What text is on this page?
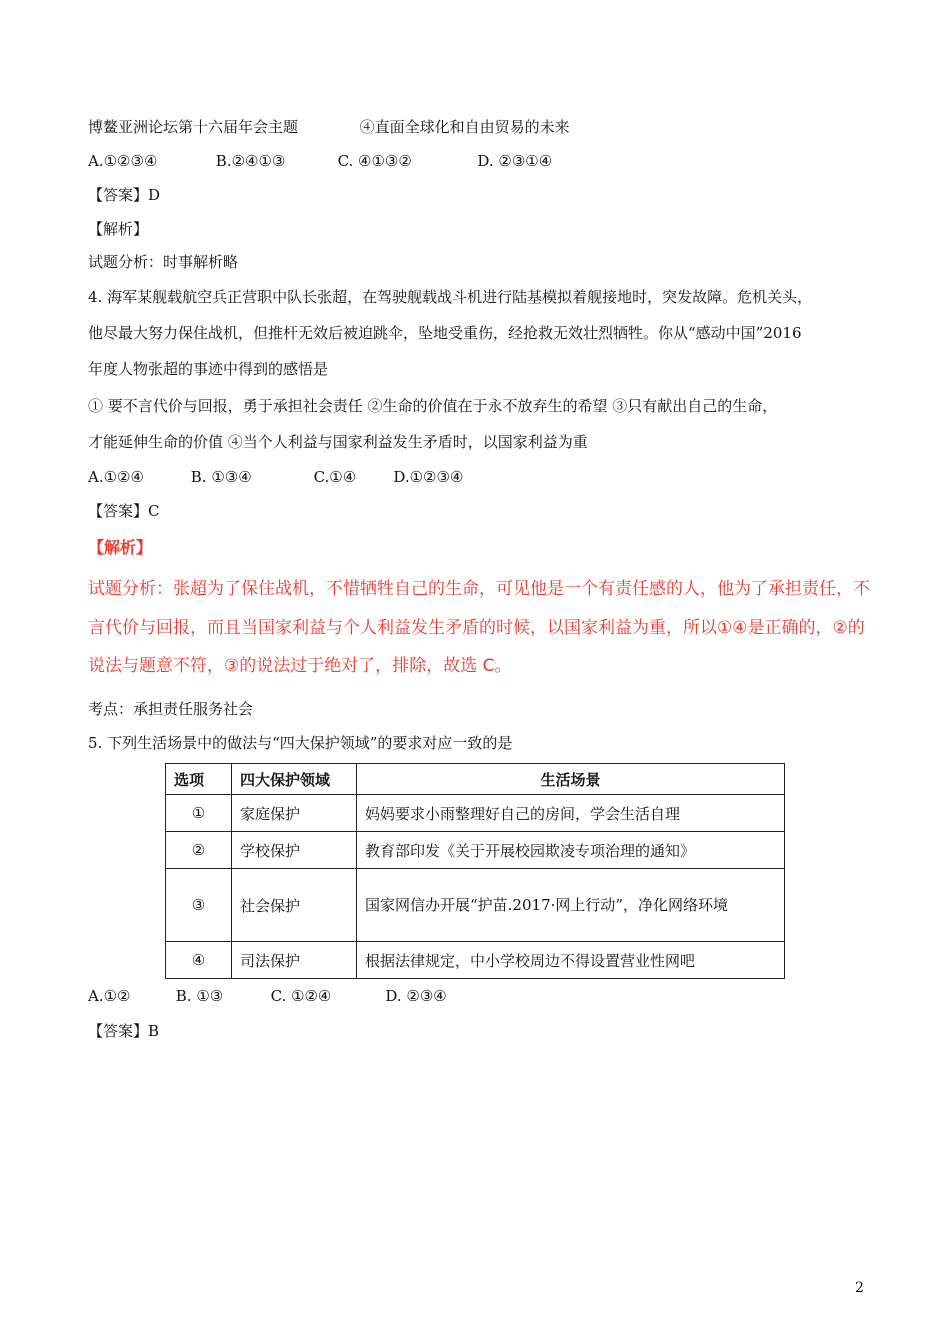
博鳌亚洲论坛第十六届年会主题	④直面全球化和自由贸易的未来
A.①②③④	B.②④①③	C. ④①③②	D. ②③①④
【答案】D
【解析】
试题分析：时事解析略
4. 海军某舰载航空兵正营职中队长张超，在驾驶舰载战斗机进行陆基模拟着舰接地时，突发故障。危机关头，
他尽最大努力保住战机，但推杆无效后被迫跳伞，坠地受重伤，经抢救无效壮烈牺牲。你从“感动中国”2016
年度人物张超的事迹中得到的感悟是
① 要不言代价与回报，勇于承担社会责任 ②生命的价值在于永不放弃生的希望 ③只有献出自己的生命，
才能延伸生命的价值 ④当个人利益与国家利益发生矛盾时，以国家利益为重
A.①②④	B. ①③④	C.①④ D.①②③④
【答案】C
【解析】
试题分析：张超为了保住战机，不惜牺牲自己的生命，可见他是一个有责任感的人，他为了承担责任，不
言代价与回报，而且当国家利益与个人利益发生矛盾的时候，以国家利益为重，所以①④是正确的，②的
说法与题意不符，③的说法过于绝对了，排除，故选 C。
考点：承担责任服务社会
5. 下列生活场景中的做法与“四大保护领域”的要求对应一致的是
选项	四大保护领域	生活场景
①	家庭保护	妈妈要求小雨整理好自己的房间，学会生活自理
②	学校保护	教育部印发《关于开展校园欺凌专项治理的通知》
③	社会保护	国家网信办开展“护苗.2017·网上行动”，净化网络环境
④	司法保护	根据法律规定，中小学校周边不得设置营业性网吧
A.①②	B. ①③	C. ①②④	D. ②③④
【答案】B
2
